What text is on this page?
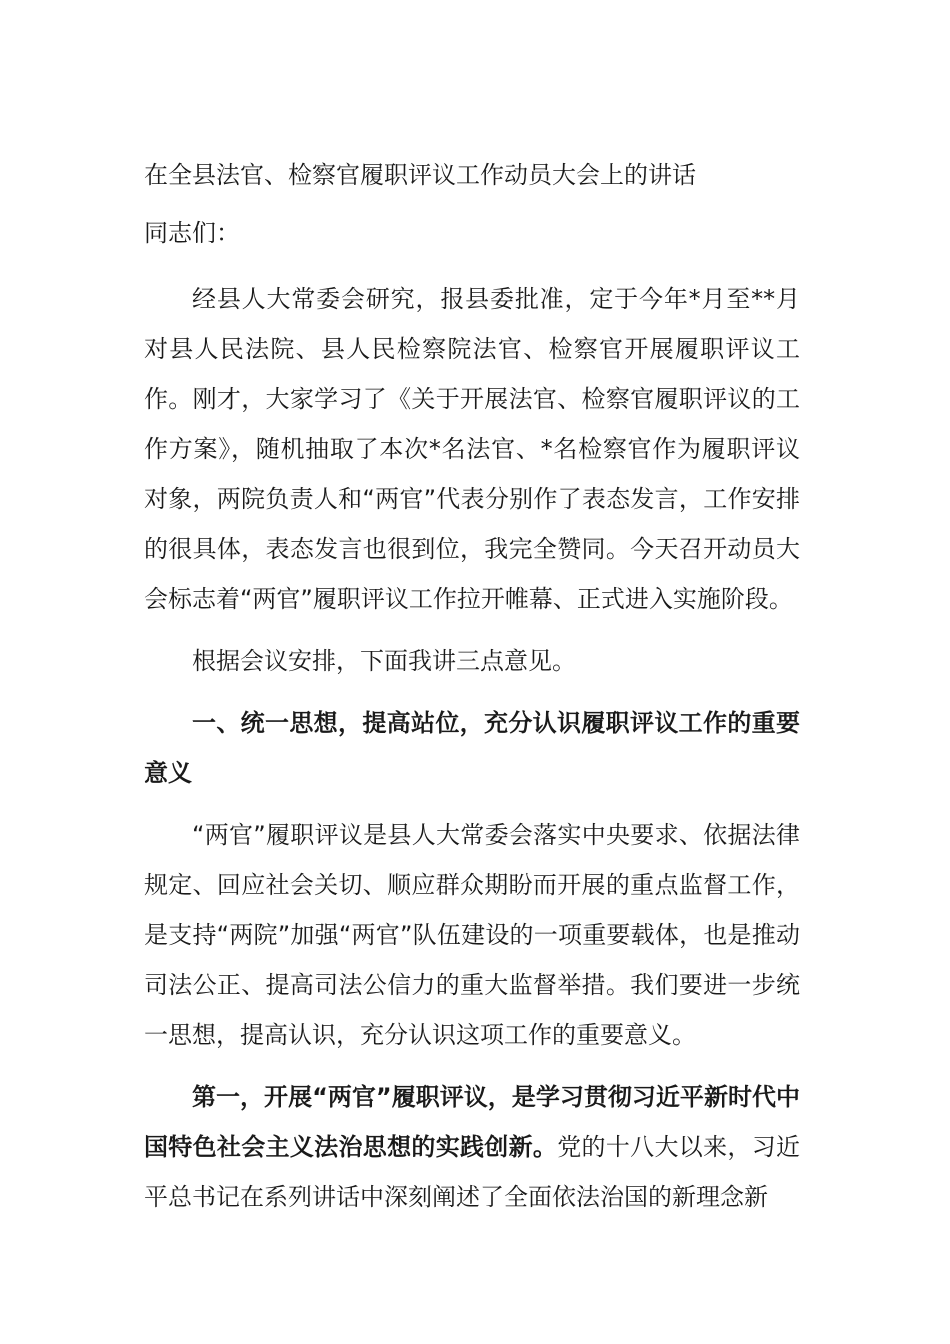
在全县法官、检察官履职评议工作动员大会上的讲话

同志们：

经县人大常委会研究，报县委批准，定于今年*月至**月对县人民法院、县人民检察院法官、检察官开展履职评议工作。刚才，大家学习了《关于开展法官、检察官履职评议的工作方案》，随机抽取了本次*名法官、*名检察官作为履职评议对象，两院负责人和“两官”代表分别作了表态发言，工作安排的很具体，表态发言也很到位，我完全赞同。今天召开动员大会标志着“两官”履职评议工作拉开帷幕、正式进入实施阶段。

根据会议安排，下面我讲三点意见。

一、统一思想，提高站位，充分认识履职评议工作的重要意义

“两官”履职评议是县人大常委会落实中央要求、依据法律规定、回应社会关切、顺应群众期盼而开展的重点监督工作，是支持“两院”加强“两官”队伍建设的一项重要载体，也是推动司法公正、提高司法公信力的重大监督举措。我们要进一步统一思想，提高认识，充分认识这项工作的重要意义。

第一，开展“两官”履职评议，是学习贯彻习近平新时代中国特色社会主义法治思想的实践创新。党的十八大以来，习近平总书记在系列讲话中深刻阐述了全面依法治国的新理念新
